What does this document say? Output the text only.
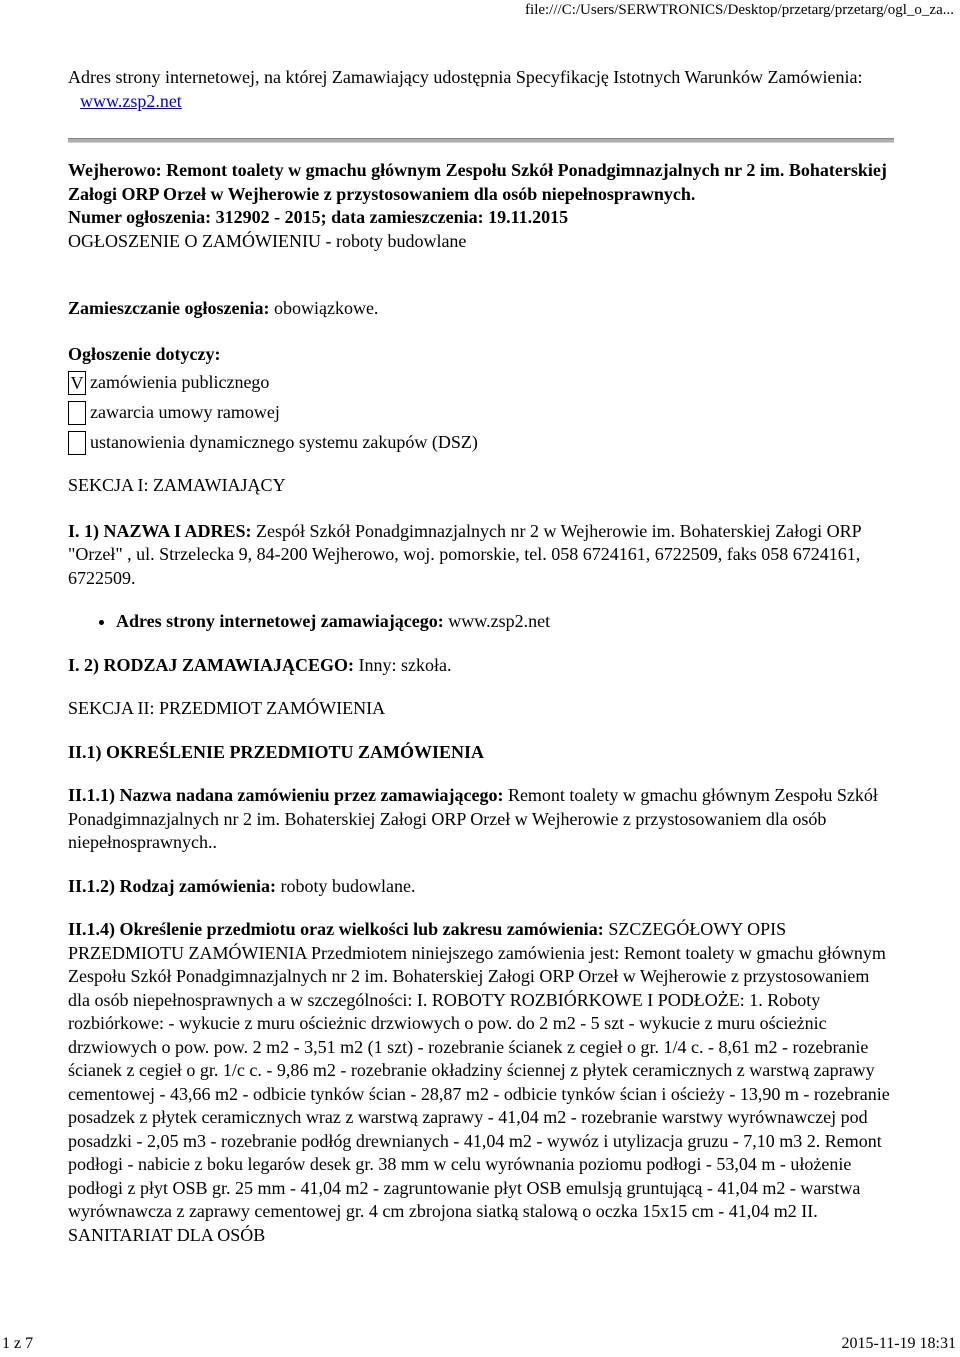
file:///C:/Users/SERWTRONICS/Desktop/przetarg/przetarg/ogl_o_za...

Adres strony internetowej, na której Zamawiający udostępnia Specyfikację Istotnych Warunków Zamówienia:

www.zsp2.net

Wejherowo: Remont toalety w gmachu głównym Zespołu Szkół Ponadgimnazjalnych nr 2 im. Bohaterskiej Załogi ORP Orzeł w Wejherowie z przystosowaniem dla osób niepełnosprawnych.

Numer ogłoszenia: 312902 - 2015; data zamieszczenia: 19.11.2015

OGŁOSZENIE O ZAMÓWIENIU - roboty budowlane

Zamieszczanie ogłoszenia: obowiązkowe.

Ogłoszenie dotyczy:

V zamówienia publicznego
zawarcia umowy ramowej
ustanowienia dynamicznego systemu zakupów (DSZ)

SEKCJA I: ZAMAWIAJĄCY

I. 1) NAZWA I ADRES: Zespół Szkół Ponadgimnazjalnych nr 2 w Wejherowie im. Bohaterskiej Załogi ORP "Orzeł" , ul. Strzelecka 9, 84-200 Wejherowo, woj. pomorskie, tel. 058 6724161, 6722509, faks 058 6724161, 6722509.

• Adres strony internetowej zamawiającego: www.zsp2.net

I. 2) RODZAJ ZAMAWIAJĄCEGO: Inny: szkoła.

SEKCJA II: PRZEDMIOT ZAMÓWIENIA

II.1) OKREŚLENIE PRZEDMIOTU ZAMÓWIENIA

II.1.1) Nazwa nadana zamówieniu przez zamawiającego: Remont toalety w gmachu głównym Zespołu Szkół Ponadgimnazjalnych nr 2 im. Bohaterskiej Załogi ORP Orzeł w Wejherowie z przystosowaniem dla osób niepełnosprawnych..

II.1.2) Rodzaj zamówienia: roboty budowlane.

II.1.4) Określenie przedmiotu oraz wielkości lub zakresu zamówienia: SZCZEGÓŁOWY OPIS PRZEDMIOTU ZAMÓWIENIA Przedmiotem niniejszego zamówienia jest: Remont toalety w gmachu głównym Zespołu Szkół Ponadgimnazjalnych nr 2 im. Bohaterskiej Załogi ORP Orzeł w Wejherowie z przystosowaniem dla osób niepełnosprawnych a w szczególności: I. ROBOTY ROZBIÓRKOWE I PODŁOŻE: 1. Roboty rozbiórkowe: - wykucie z muru ościeżnic drzwiowych o pow. do 2 m2 - 5 szt - wykucie z muru ościeżnic drzwiowych o pow. pow. 2 m2 - 3,51 m2 (1 szt) - rozebranie ścianek z cegieł o gr. 1/4 c. - 8,61 m2 - rozebranie ścianek z cegieł o gr. 1/c c. - 9,86 m2 - rozebranie okładziny ściennej z płytek ceramicznych z warstwą zaprawy cementowej - 43,66 m2 - odbicie tynków ścian - 28,87 m2 - odbicie tynków ścian i ościeży - 13,90 m - rozebranie posadzek z płytek ceramicznych wraz z warstwą zaprawy - 41,04 m2 - rozebranie warstwy wyrównawczej pod posadzki - 2,05 m3 - rozebranie podłóg drewnianych - 41,04 m2 - wywóz i utylizacja gruzu - 7,10 m3 2. Remont podłogi - nabicie z boku legarów desek gr. 38 mm w celu wyrównania poziomu podłogi - 53,04 m - ułożenie podłogi z płyt OSB gr. 25 mm - 41,04 m2 - zagruntowanie płyt OSB emulsją gruntującą - 41,04 m2 - warstwa wyrównawcza z zaprawy cementowej gr. 4 cm zbrojona siatką stalową o oczka 15x15 cm - 41,04 m2 II. SANITARIAT DLA OSÓB

1 z 7	2015-11-19 18:31
